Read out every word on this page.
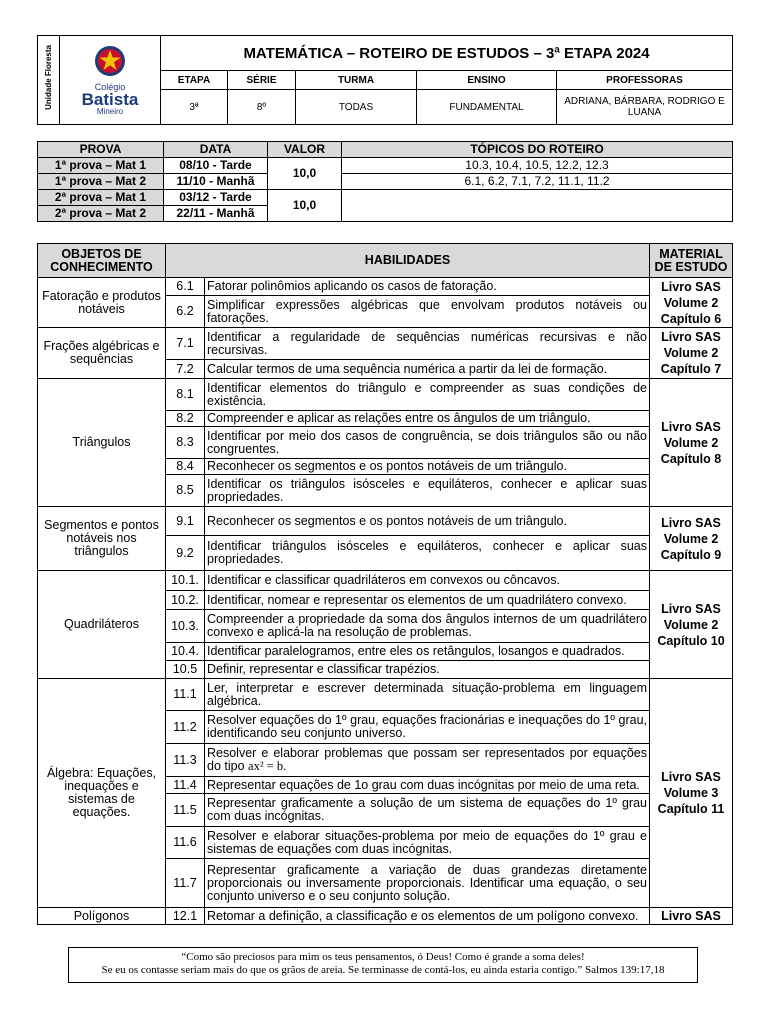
Unidade Floresta	Colégio
Batista
Mineiro	MATEMÁTICA – ROTEIRO DE ESTUDOS – 3ª ETAPA 2024				
		ETAPA	SÉRIE	TURMA	ENSINO	PROFESSORAS
		3ª	8º	TODAS	FUNDAMENTAL	ADRIANA, BÁRBARA, RODRIGO E LUANA
PROVA	DATA	VALOR	TÓPICOS DO ROTEIRO
1ª prova – Mat 1	08/10 - Tarde	10,0	10.3, 10.4, 10.5, 12.2, 12.3
1ª prova – Mat 2	11/10 - Manhã		6.1, 6.2, 7.1, 7.2, 11.1, 11.2
2ª prova – Mat 1	03/12 - Tarde	10,0	
2ª prova – Mat 2	22/11 - Manhã		
OBJETOS DE CONHECIMENTO	HABILIDADES		MATERIAL DE ESTUDO
Fatoração e produtos notáveis	6.1	Fatorar polinômios aplicando os casos de fatoração.	Livro SAS
Volume 2
Capítulo 6

	6.2	Simplificar expressões algébricas que envolvam produtos notáveis ou fatorações.	
Frações algébricas e sequências	7.1	Identificar a regularidade de sequências numéricas recursivas e não recursivas.	Livro SAS
Volume 2
Capítulo 7

	7.2	Calcular termos de uma sequência numérica a partir da lei de formação.	
Triângulos	8.1	Identificar elementos do triângulo e compreender as suas condições de existência.	Livro SAS
Volume 2
Capítulo 8

	8.2	Compreender e aplicar as relações entre os ângulos de um triângulo.	
	8.3	Identificar por meio dos casos de congruência, se dois triângulos são ou não congruentes.	
	8.4	Reconhecer os segmentos e os pontos notáveis de um triângulo.	
	8.5	Identificar os triângulos isósceles e equiláteros, conhecer e aplicar suas propriedades.	
Segmentos e pontos notáveis nos triângulos	9.1	Reconhecer os segmentos e os pontos notáveis de um triângulo.	Livro SAS
Volume 2
Capítulo 9

	9.2	Identificar triângulos isósceles e equiláteros, conhecer e aplicar suas propriedades.	
Quadriláteros	10.1.	Identificar e classificar quadriláteros em convexos ou côncavos.	Livro SAS
Volume 2
Capítulo 10

	10.2.	Identificar, nomear e representar os elementos de um quadrilátero convexo.	
	10.3.	Compreender a propriedade da soma dos ângulos internos de um quadrilátero convexo e aplicá-la na resolução de problemas.	
	10.4.	Identificar paralelogramos, entre eles os retângulos, losangos e quadrados.	
	10.5	Definir, representar e classificar trapézios.	
Álgebra: Equações, inequações e sistemas de equações.	11.1	Ler, interpretar e escrever determinada situação-problema em linguagem algébrica.	Livro SAS
Volume 3
Capítulo 11

	11.2	Resolver equações do 1º grau, equações fracionárias e inequações do 1º grau, identificando seu conjunto universo.	
	11.3	Resolver e elaborar problemas que possam ser representados por equações do tipo ax² = b.	
	11.4	Representar equações de 1o grau com duas incógnitas por meio de uma reta.	
	11.5	Representar graficamente a solução de um sistema de equações do 1º grau com duas incógnitas.	
	11.6	Resolver e elaborar situações-problema por meio de equações do 1º grau e sistemas de equações com duas incógnitas.	
	11.7	Representar graficamente a variação de duas grandezas diretamente proporcionais ou inversamente proporcionais. Identificar uma equação, o seu conjunto universo e o seu conjunto solução.	
Polígonos	12.1	Retomar a definição, a classificação e os elementos de um polígono convexo.	Livro SAS
“Como são preciosos para mim os teus pensamentos, ó Deus! Como é grande a soma deles!
Se eu os contasse seriam mais do que os grãos de areia. Se terminasse de contá-los, eu ainda estaria contigo.” Salmos 139:17,18
